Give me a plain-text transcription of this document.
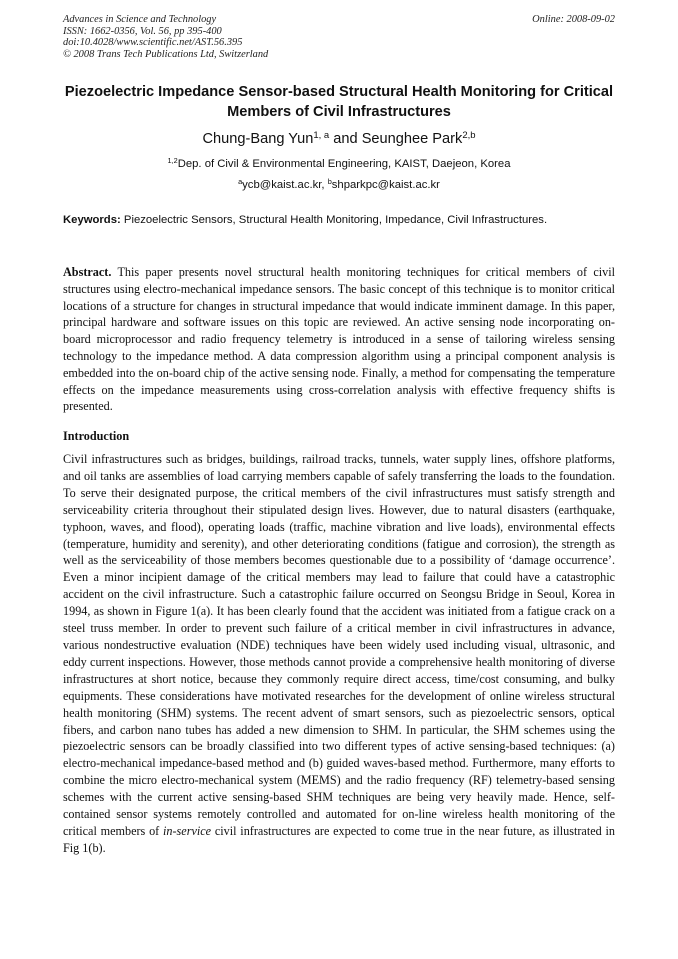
Advances in Science and Technology
ISSN: 1662-0356, Vol. 56, pp 395-400
doi:10.4028/www.scientific.net/AST.56.395
© 2008 Trans Tech Publications Ltd, Switzerland
Online: 2008-09-02
Piezoelectric Impedance Sensor-based Structural Health Monitoring for Critical Members of Civil Infrastructures
Chung-Bang Yun$^{1, a}$ and Seunghee Park$^{2,b}$
$^{1,2}$Dep. of Civil & Environmental Engineering, KAIST, Daejeon, Korea
$^a$ycb@kaist.ac.kr, $^b$shparkpc@kaist.ac.kr
Keywords: Piezoelectric Sensors, Structural Health Monitoring, Impedance, Civil Infrastructures.
Abstract. This paper presents novel structural health monitoring techniques for critical members of civil structures using electro-mechanical impedance sensors. The basic concept of this technique is to monitor critical locations of a structure for changes in structural impedance that would indicate imminent damage. In this paper, principal hardware and software issues on this topic are reviewed. An active sensing node incorporating on-board microprocessor and radio frequency telemetry is introduced in a sense of tailoring wireless sensing technology to the impedance method. A data compression algorithm using a principal component analysis is embedded into the on-board chip of the active sensing node. Finally, a method for compensating the temperature effects on the impedance measurements using cross-correlation analysis with effective frequency shifts is presented.
Introduction
Civil infrastructures such as bridges, buildings, railroad tracks, tunnels, water supply lines, offshore platforms, and oil tanks are assemblies of load carrying members capable of safely transferring the loads to the foundation. To serve their designated purpose, the critical members of the civil infrastructures must satisfy strength and serviceability criteria throughout their stipulated design lives. However, due to natural disasters (earthquake, typhoon, waves, and flood), operating loads (traffic, machine vibration and live loads), environmental effects (temperature, humidity and serenity), and other deteriorating conditions (fatigue and corrosion), the strength as well as the serviceability of those members becomes questionable due to a possibility of ‘damage occurrence’. Even a minor incipient damage of the critical members may lead to failure that could have a catastrophic accident on the civil infrastructure. Such a catastrophic failure occurred on Seongsu Bridge in Seoul, Korea in 1994, as shown in Figure 1(a). It has been clearly found that the accident was initiated from a fatigue crack on a steel truss member. In order to prevent such failure of a critical member in civil infrastructures in advance, various nondestructive evaluation (NDE) techniques have been widely used including visual, ultrasonic, and eddy current inspections. However, those methods cannot provide a comprehensive health monitoring of diverse infrastructures at short notice, because they commonly require direct access, time/cost consuming, and bulky equipments. These considerations have motivated researches for the development of online wireless structural health monitoring (SHM) systems. The recent advent of smart sensors, such as piezoelectric sensors, optical fibers, and carbon nano tubes has added a new dimension to SHM. In particular, the SHM schemes using the piezoelectric sensors can be broadly classified into two different types of active sensing-based techniques: (a) electro-mechanical impedance-based method and (b) guided waves-based method. Furthermore, many efforts to combine the micro electro-mechanical system (MEMS) and the radio frequency (RF) telemetry-based sensing schemes with the current active sensing-based SHM techniques are being very heavily made. Hence, self-contained sensor systems remotely controlled and automated for on-line wireless health monitoring of the critical members of in-service civil infrastructures are expected to come true in the near future, as illustrated in Fig 1(b).
